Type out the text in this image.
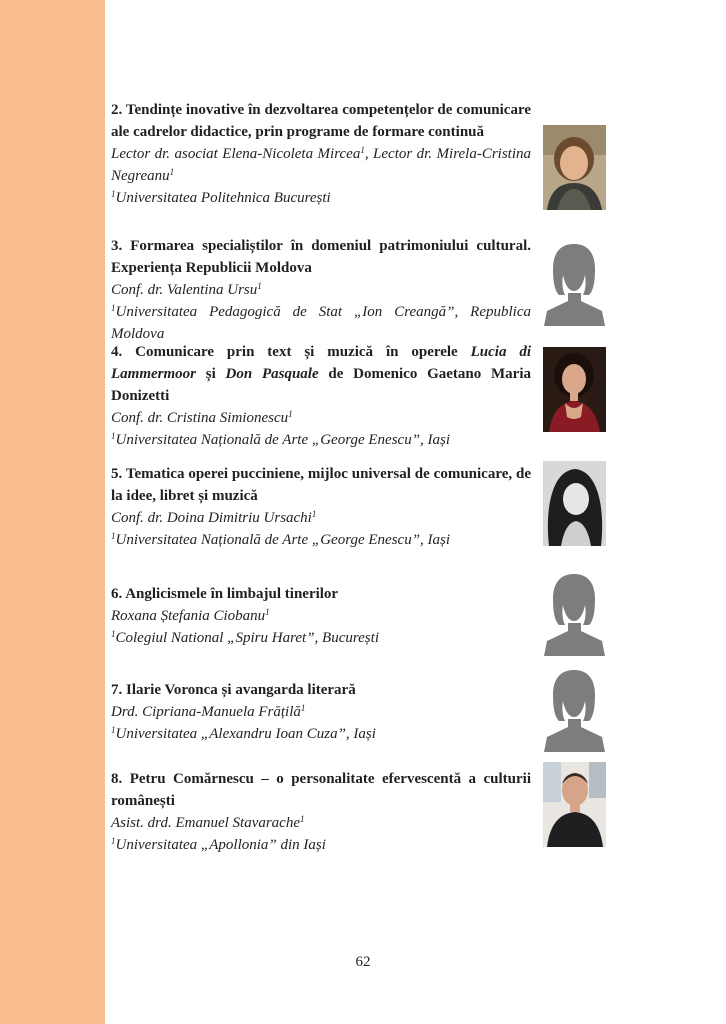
2. Tendințe inovative în dezvoltarea competențelor de comunicare ale cadrelor didactice, prin programe de formare continuă

Lector dr. asociat Elena-Nicoleta Mircea$^1$, Lector dr. Mirela-Cristina Negreanu$^1$

$^1$Universitatea Politehnica București

3. Formarea specialiștilor în domeniul patrimoniului cultural. Experiența Republicii Moldova

Conf. dr. Valentina Ursu$^1$

$^1$Universitatea Pedagogică de Stat „Ion Creangă”, Republica Moldova

4. Comunicare prin text și muzică în operele Lucia di Lammermoor și Don Pasquale de Domenico Gaetano Maria Donizetti

Conf. dr. Cristina Simionescu$^1$

$^1$Universitatea Națională de Arte „George Enescu”, Iași

5. Tematica operei pucciniene, mijloc universal de comunicare, de la idee, libret și muzică

Conf. dr. Doina Dimitriu Ursachi$^1$

$^1$Universitatea Națională de Arte „George Enescu”, Iași

6. Anglicismele în limbajul tinerilor

Roxana Ștefania Ciobanu$^1$

$^1$Colegiul National „Spiru Haret”, București

7. Ilarie Voronca și avangarda literară

Drd. Cipriana-Manuela Frățilă$^1$

$^1$Universitatea „Alexandru Ioan Cuza”, Iași

8. Petru Comărnescu – o personalitate efervescentă a culturii românești

Asist. drd. Emanuel Stavarache$^1$

$^1$Universitatea „Apollonia” din Iași

62
